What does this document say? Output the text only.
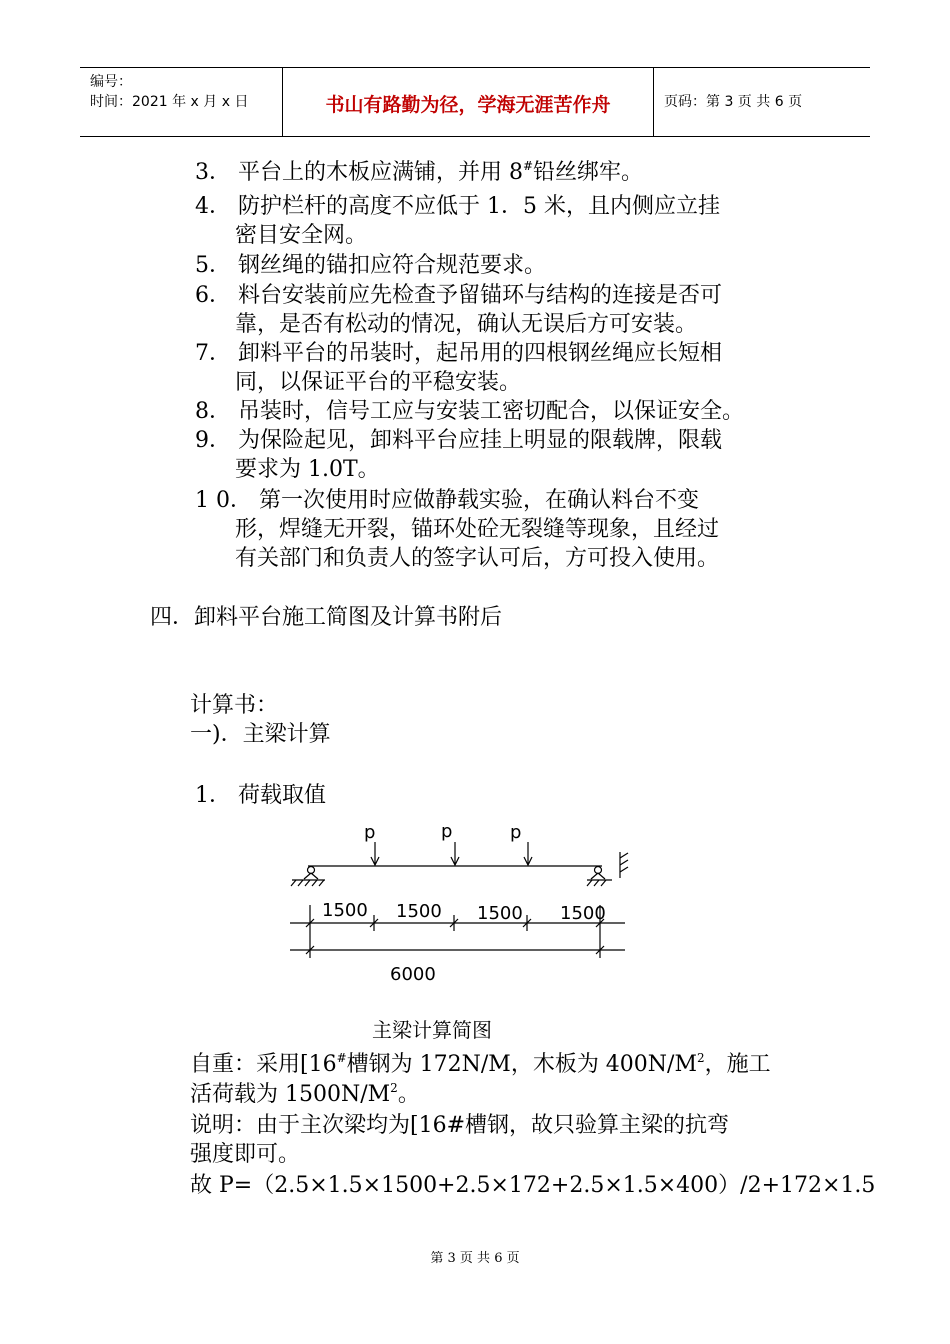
编号：
时间：2021 年 x 月 x 日	书山有路勤为径，学海无涯苦作舟	页码：第 3 页 共 6 页
3． 平台上的木板应满铺，并用 8#铅丝绑牢。
4． 防护栏杆的高度不应低于 1．5 米，且内侧应立挂
密目安全网。
5． 钢丝绳的锚扣应符合规范要求。
6． 料台安装前应先检查予留锚环与结构的连接是否可
靠，是否有松动的情况，确认无误后方可安装。
7． 卸料平台的吊装时，起吊用的四根钢丝绳应长短相
同，以保证平台的平稳安装。
8． 吊装时，信号工应与安装工密切配合，以保证安全。
9． 为保险起见，卸料平台应挂上明显的限载牌，限载
要求为 1.0T。
1 0． 第一次使用时应做静载实验，在确认料台不变
形，焊缝无开裂，锚环处砼无裂缝等现象，且经过
有关部门和负责人的签字认可后，方可投入使用。
四．卸料平台施工简图及计算书附后
计算书：
一)．主梁计算
1． 荷载取值
p	p	p
1500 1500 1500 1500
6000
主梁计算简图
自重：采用[16#槽钢为 172N/M，木板为 $400N/M^2$，施工
活荷载为 $1500N/M^2$。
说明：由于主次梁均为[16#槽钢，故只验算主梁的抗弯
强度即可。
故 P=（2.5×1.5×1500+2.5×172+2.5×1.5×400）/2+172×1.5
第 3 页 共 6 页
